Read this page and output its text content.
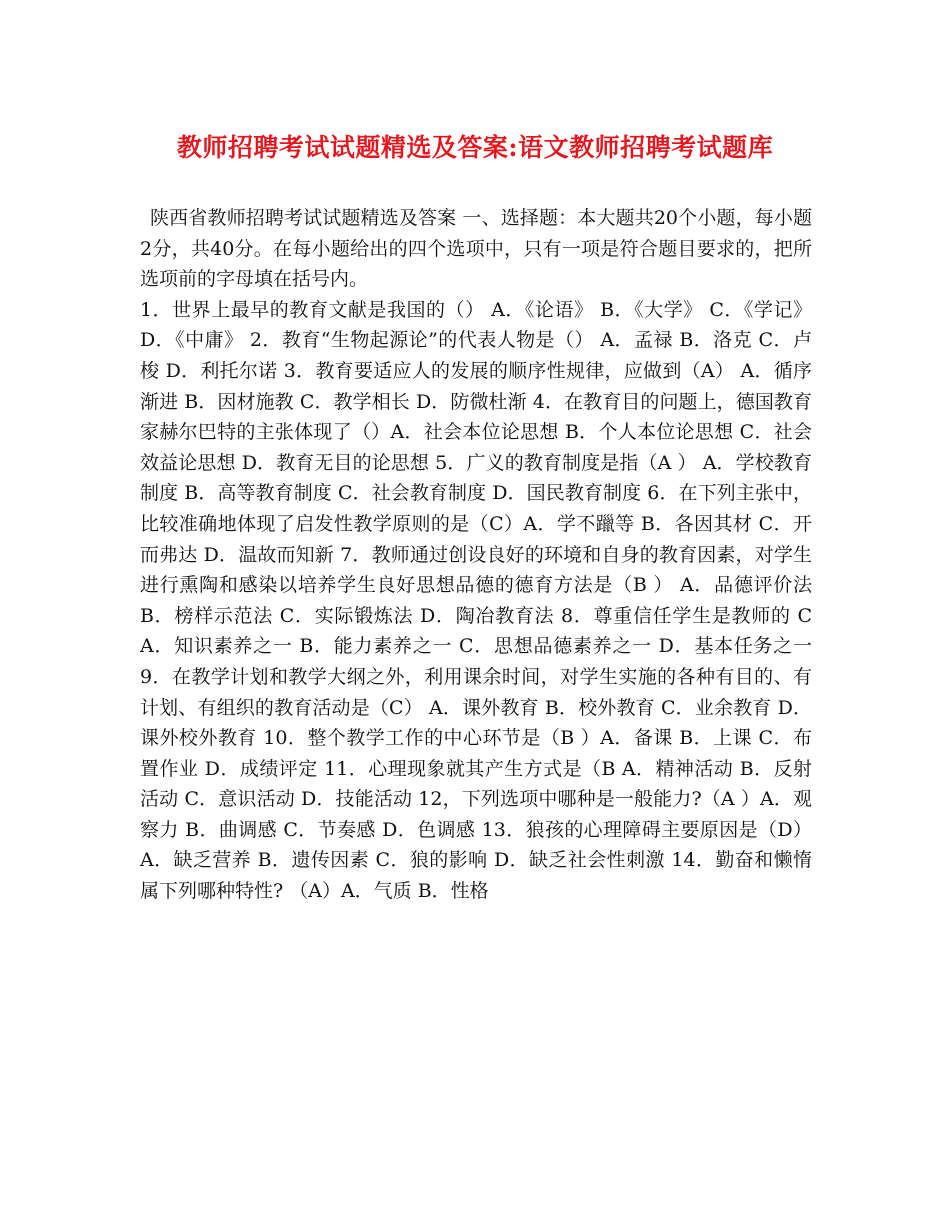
教师招聘考试试题精选及答案:语文教师招聘考试题库

陕西省教师招聘考试试题精选及答案 一、选择题：本大题共20个小题，每小题2分，共40分。在每小题给出的四个选项中，只有一项是符合题目要求的，把所选项前的字母填在括号内。

1．世界上最早的教育文献是我国的（） A．《论语》 B．《大学》 C．《学记》 D．《中庸》 2．教育“生物起源论”的代表人物是（） A．孟禄 B．洛克 C．卢梭 D．利托尔诺 3．教育要适应人的发展的顺序性规律，应做到（A） A．循序渐进 B．因材施教 C．教学相长 D．防微杜渐 4．在教育目的问题上，德国教育家赫尔巴特的主张体现了（）A．社会本位论思想 B．个人本位论思想 C．社会效益论思想 D．教育无目的论思想 5．广义的教育制度是指（A ） A．学校教育制度 B．高等教育制度 C．社会教育制度 D．国民教育制度 6．在下列主张中，比较准确地体现了启发性教学原则的是（C）A．学不躐等 B．各因其材 C．开而弗达 D．温故而知新 7．教师通过创设良好的环境和自身的教育因素，对学生进行熏陶和感染以培养学生良好思想品德的德育方法是（B ） A．品德评价法 B．榜样示范法 C．实际锻炼法 D．陶冶教育法 8．尊重信任学生是教师的 C A．知识素养之一 B．能力素养之一 C．思想品德素养之一 D．基本任务之一 9．在教学计划和教学大纲之外，利用课余时间，对学生实施的各种有目的、有计划、有组织的教育活动是（C） A．课外教育 B．校外教育 C．业余教育 D．课外校外教育 10．整个教学工作的中心环节是（B ）A．备课 B．上课 C．布置作业 D．成绩评定 11．心理现象就其产生方式是（B A．精神活动 B．反射活动 C．意识活动 D．技能活动 12，下列选项中哪种是一般能力?（A ）A．观察力 B．曲调感 C．节奏感 D．色调感 13．狼孩的心理障碍主要原因是（D）A．缺乏营养 B．遗传因素 C．狼的影响 D．缺乏社会性刺激 14．勤奋和懒惰属下列哪种特性? （A）A．气质 B．性格
